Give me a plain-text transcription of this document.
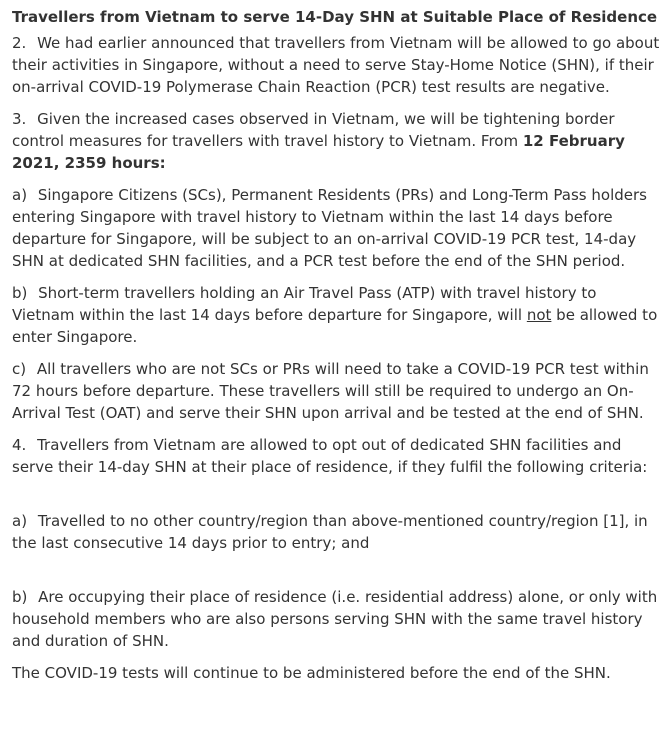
Travellers from Vietnam to serve 14-Day SHN at Suitable Place of Residence
2. We had earlier announced that travellers from Vietnam will be allowed to go about their activities in Singapore, without a need to serve Stay-Home Notice (SHN), if their on-arrival COVID-19 Polymerase Chain Reaction (PCR) test results are negative.
3. Given the increased cases observed in Vietnam, we will be tightening border control measures for travellers with travel history to Vietnam. From 12 February 2021, 2359 hours:
a) Singapore Citizens (SCs), Permanent Residents (PRs) and Long-Term Pass holders entering Singapore with travel history to Vietnam within the last 14 days before departure for Singapore, will be subject to an on-arrival COVID-19 PCR test, 14-day SHN at dedicated SHN facilities, and a PCR test before the end of the SHN period.
b) Short-term travellers holding an Air Travel Pass (ATP) with travel history to Vietnam within the last 14 days before departure for Singapore, will not be allowed to enter Singapore.
c) All travellers who are not SCs or PRs will need to take a COVID-19 PCR test within 72 hours before departure. These travellers will still be required to undergo an On-Arrival Test (OAT) and serve their SHN upon arrival and be tested at the end of SHN.
4. Travellers from Vietnam are allowed to opt out of dedicated SHN facilities and serve their 14-day SHN at their place of residence, if they fulfil the following criteria:
a) Travelled to no other country/region than above-mentioned country/region [1], in the last consecutive 14 days prior to entry; and
b) Are occupying their place of residence (i.e. residential address) alone, or only with household members who are also persons serving SHN with the same travel history and duration of SHN.
The COVID-19 tests will continue to be administered before the end of the SHN.
